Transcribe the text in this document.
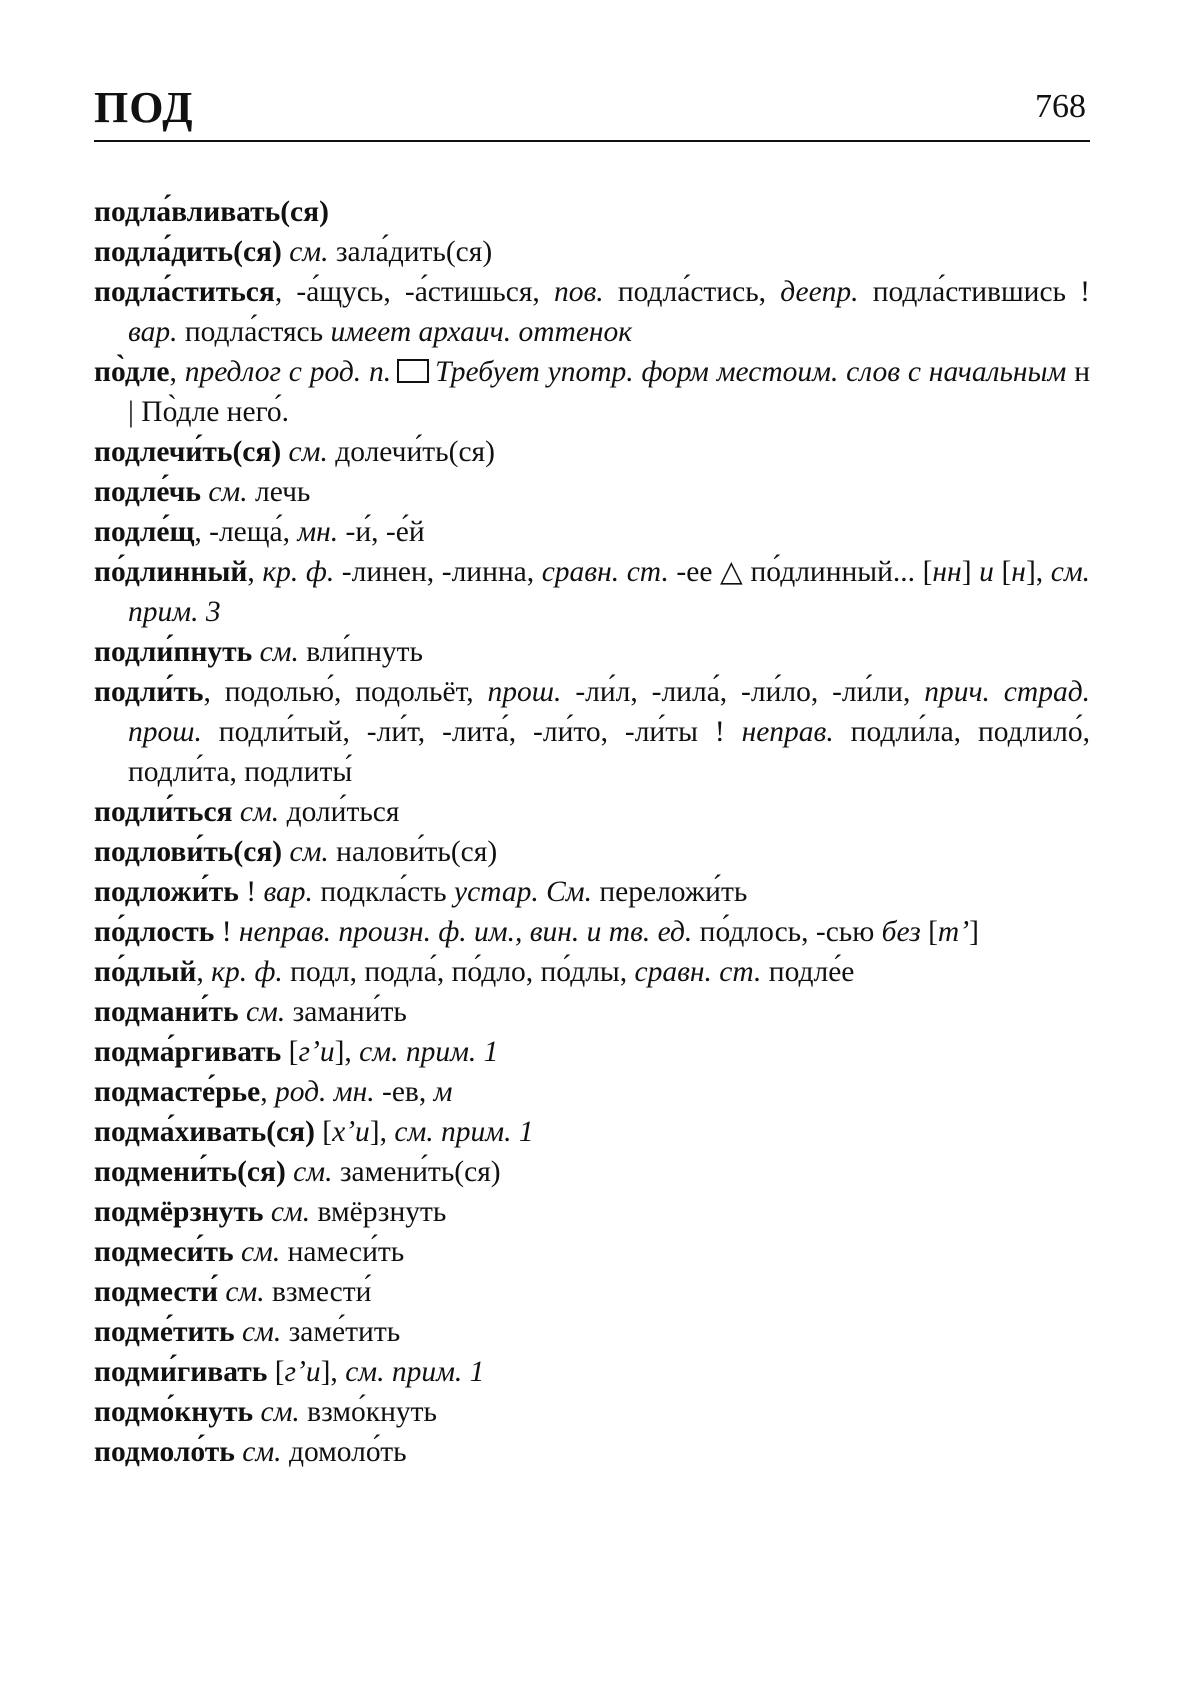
ПОД	768

подла́вливать(ся)

подла́дить(ся) см. зала́дить(ся)

подла́ститься, -а́щусь, -а́стишься, пов. подла́стись, деепр. подла́стившись ! вар. подла́стясь имеет архаич. оттенок

по̀дле, предлог с род. п. Требует употр. форм местоим. слов с начальным н | По̀дле него́.

подлечи́ть(ся) см. долечи́ть(ся)

подле́чь см. лечь

подле́щ, -леща́, мн. -и́, -е́й

по́длинный, кр. ф. -линен, -линна, сравн. ст. -ее △ по́длинный... [нн] и [н], см. прим. 3

подли́пнуть см. вли́пнуть

подли́ть, подолью́, подольёт, прош. -ли́л, -лила́, -ли́ло, -ли́ли, прич. страд. прош. подли́тый, -ли́т, -лита́, -ли́то, -ли́ты ! неправ. подли́ла, подлило́, подли́та, подлиты́

подли́ться см. доли́ться

подлови́ть(ся) см. налови́ть(ся)

подложи́ть ! вар. подкла́сть устар. См. переложи́ть

по́длость ! неправ. произн. ф. им., вин. и тв. ед. по́длось, -сью без [тʼ]

по́длый, кр. ф. подл, подла́, по́дло, по́длы, сравн. ст. подле́е

подмани́ть см. замани́ть

подма́ргивать [гʼи], см. прим. 1

подмасте́рье, род. мн. -ев, м

подма́хивать(ся) [хʼи], см. прим. 1

подмени́ть(ся) см. замени́ть(ся)

подмёрзнуть см. вмёрзнуть

подмеси́ть см. намеси́ть

подмести́ см. взмести́

подме́тить см. заме́тить

подми́гивать [гʼи], см. прим. 1

подмо́кнуть см. взмо́кнуть

подмоло́ть см. домоло́ть
